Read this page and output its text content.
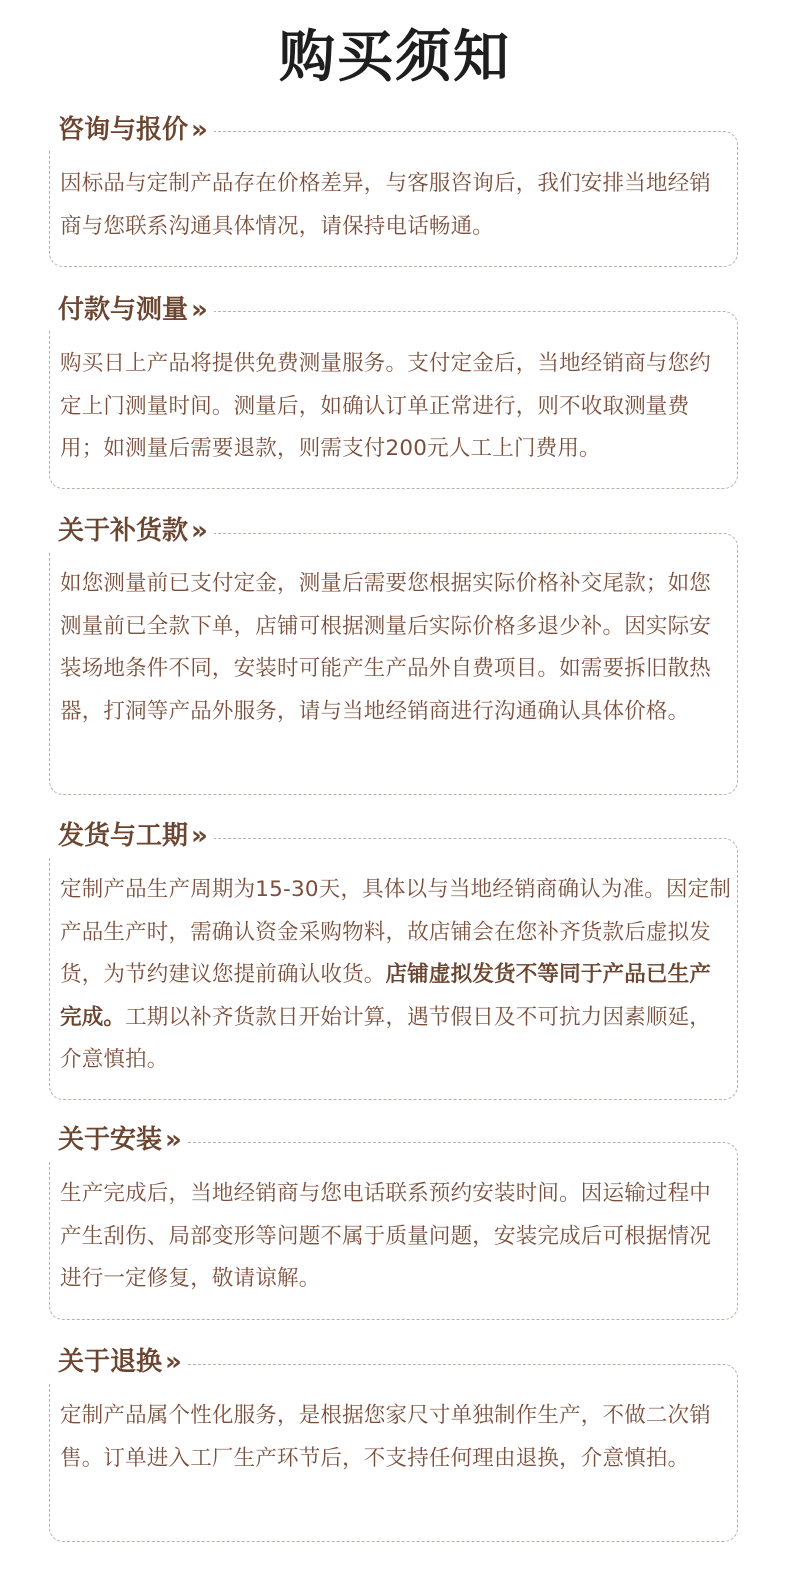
购买须知
咨询与报价 »
因标品与定制产品存在价格差异，与客服咨询后，我们安排当地经销商与您联系沟通具体情况，请保持电话畅通。
付款与测量 »
购买日上产品将提供免费测量服务。支付定金后，当地经销商与您约定上门测量时间。测量后，如确认订单正常进行，则不收取测量费用；如测量后需要退款，则需支付200元人工上门费用。
关于补货款 »
如您测量前已支付定金，测量后需要您根据实际价格补交尾款；如您测量前已全款下单，店铺可根据测量后实际价格多退少补。因实际安装场地条件不同，安装时可能产生产品外自费项目。如需要拆旧散热器，打洞等产品外服务，请与当地经销商进行沟通确认具体价格。
发货与工期 »
定制产品生产周期为15-30天，具体以与当地经销商确认为准。因定制产品生产时，需确认资金采购物料，故店铺会在您补齐货款后虚拟发货，为节约建议您提前确认收货。店铺虚拟发货不等同于产品已生产完成。工期以补齐货款日开始计算，遇节假日及不可抗力因素顺延，介意慎拍。
关于安装 »
生产完成后，当地经销商与您电话联系预约安装时间。因运输过程中产生刮伤、局部变形等问题不属于质量问题，安装完成后可根据情况进行一定修复，敬请谅解。
关于退换 »
定制产品属个性化服务，是根据您家尺寸单独制作生产，不做二次销售。订单进入工厂生产环节后，不支持任何理由退换，介意慎拍。
